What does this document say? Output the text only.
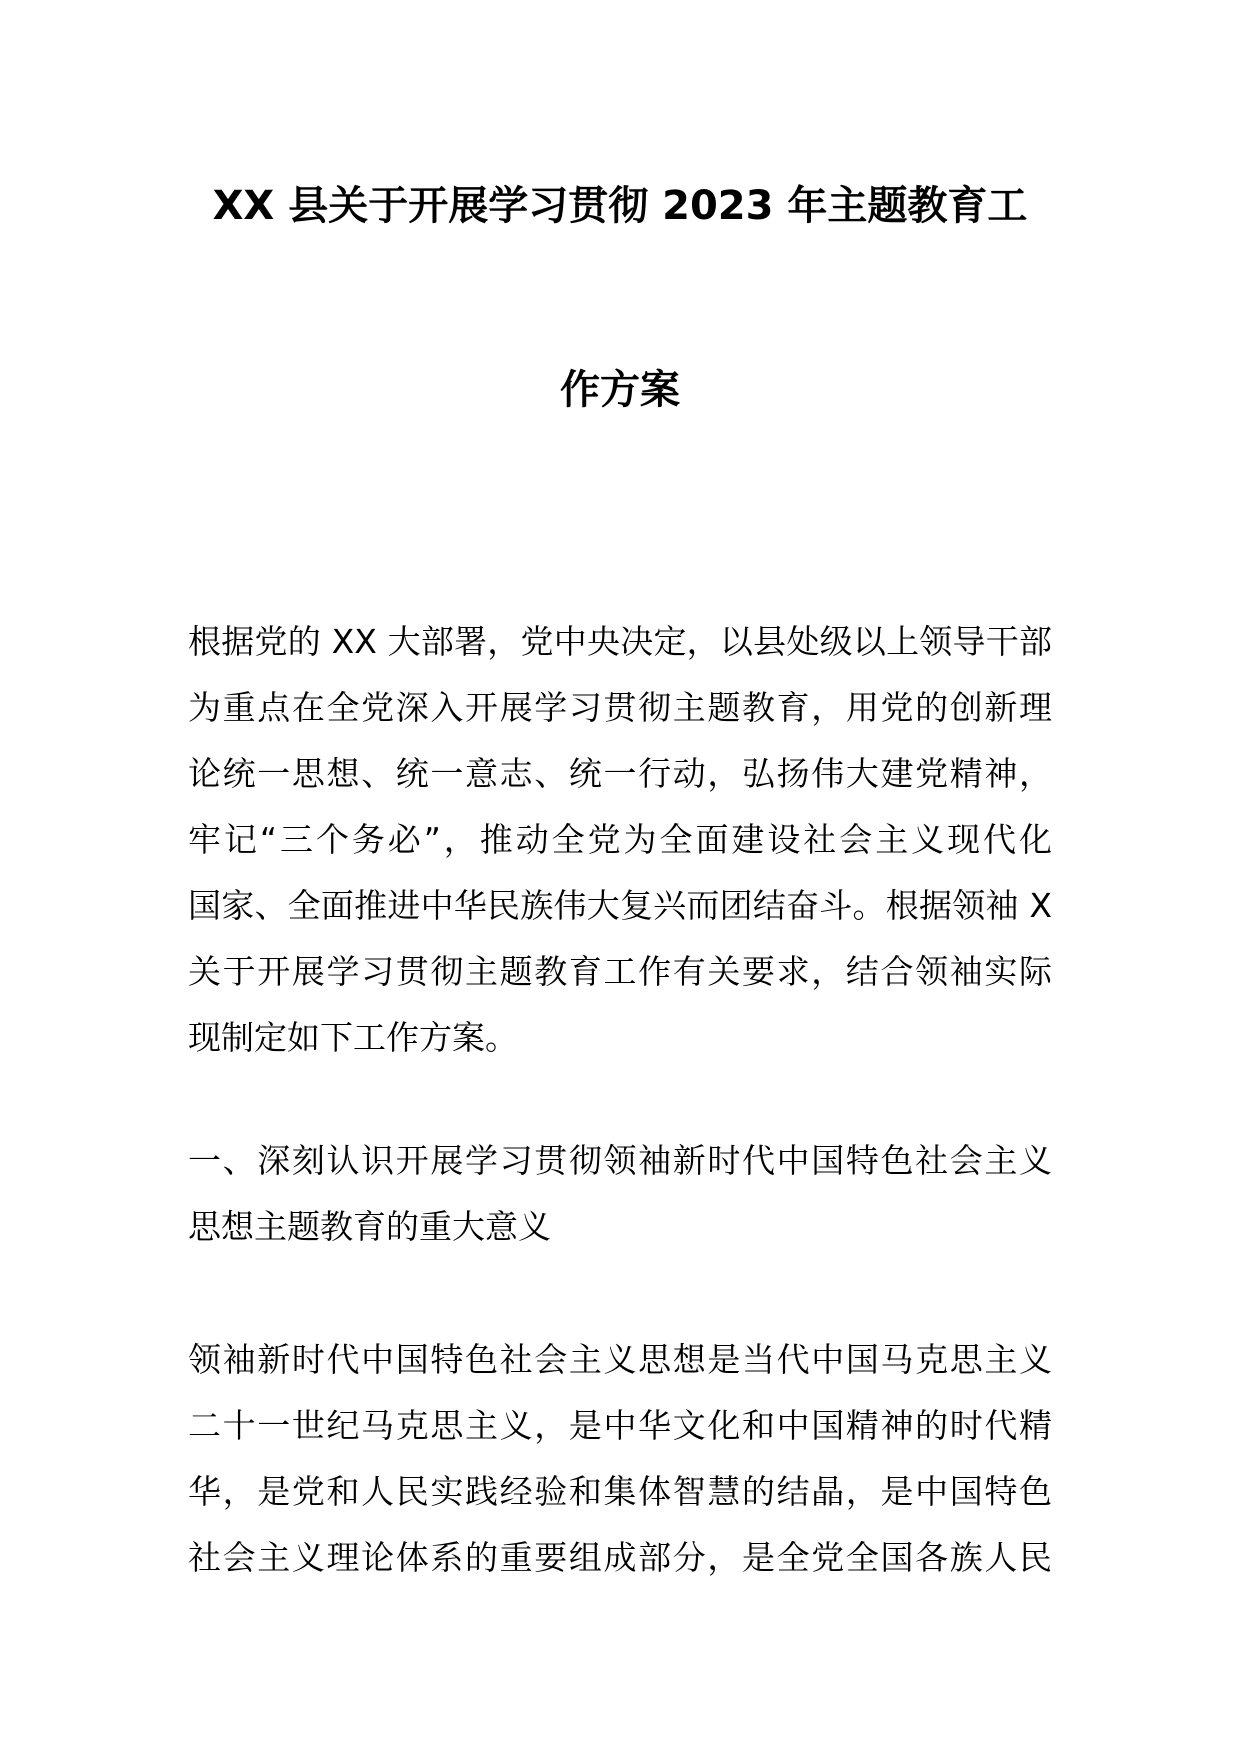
XX 县关于开展学习贯彻 2023 年主题教育工
作方案
根据党的 XX 大部署，党中央决定，以县处级以上领导干部
为重点在全党深入开展学习贯彻主题教育，用党的创新理
论统一思想、统一意志、统一行动，弘扬伟大建党精神，
牢记“三个务必”，推动全党为全面建设社会主义现代化
国家、全面推进中华民族伟大复兴而团结奋斗。根据领袖 X
关于开展学习贯彻主题教育工作有关要求，结合领袖实际
现制定如下工作方案。
一、深刻认识开展学习贯彻领袖新时代中国特色社会主义
思想主题教育的重大意义
领袖新时代中国特色社会主义思想是当代中国马克思主义
二十一世纪马克思主义，是中华文化和中国精神的时代精
华，是党和人民实践经验和集体智慧的结晶，是中国特色
社会主义理论体系的重要组成部分，是全党全国各族人民
